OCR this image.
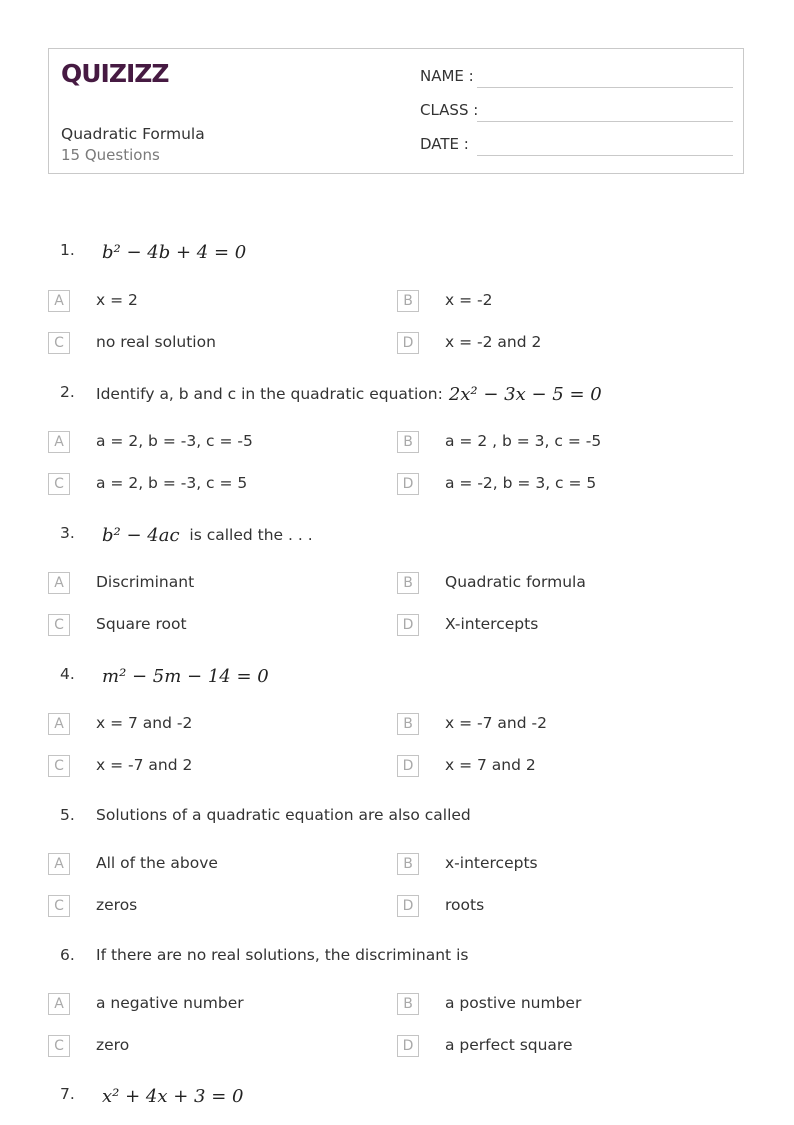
QUIZIZZ
Quadratic Formula
15 Questions
NAME :
CLASS :
DATE :
1.	b² − 4b + 4 = 0
A	x = 2	B	x = -2
C	no real solution	D	x = -2 and 2
2. Identify a, b and c in the quadratic equation: 2x² − 3x − 5 = 0
A	a = 2, b = -3, c = -5	B	a = 2 , b = 3, c = -5
C	a = 2, b = -3, c = 5	D	a = -2, b = 3, c = 5
3.	b² − 4ac is called the . . .
A	Discriminant	B	Quadratic formula
C	Square root	D	X-intercepts
4.	m² − 5m − 14 = 0
A	x = 7 and -2	B	x = -7 and -2
C	x = -7 and 2	D	x = 7 and 2
5. Solutions of a quadratic equation are also called
A	All of the above	B	x-intercepts
C	zeros	D	roots
6. If there are no real solutions, the discriminant is
A	a negative number	B	a postive number
C	zero	D	a perfect square
7.	x² + 4x + 3 = 0
